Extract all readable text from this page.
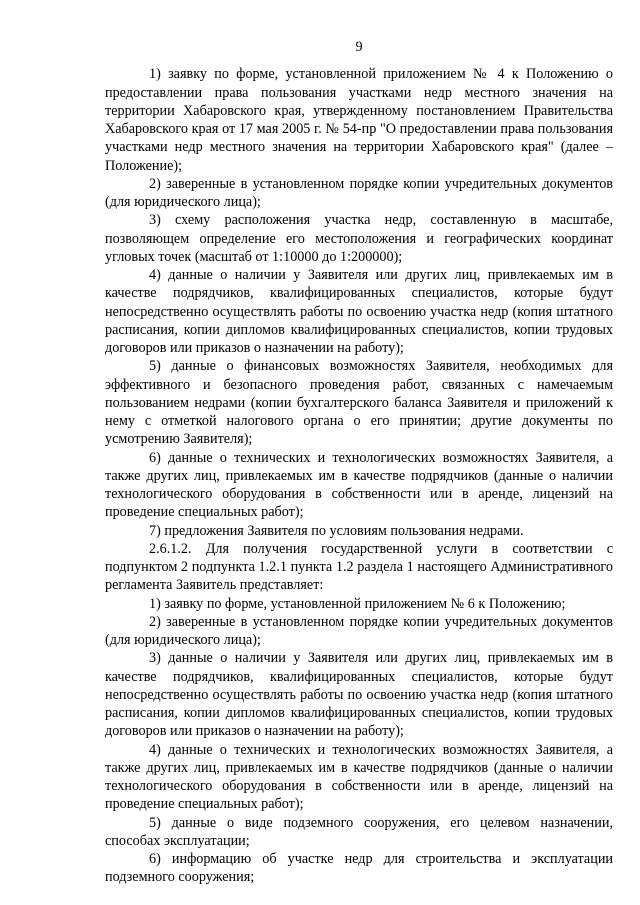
9

1) заявку по форме, установленной приложением № 4 к Положению о предоставлении права пользования участками недр местного значения на территории Хабаровского края, утвержденному постановлением Правительства Хабаровского края от 17 мая 2005 г. № 54-пр "О предоставлении права пользования участками недр местного значения на территории Хабаровского края" (далее – Положение);

2) заверенные в установленном порядке копии учредительных документов (для юридического лица);

3) схему расположения участка недр, составленную в масштабе, позволяющем определение его местоположения и географических координат угловых точек (масштаб от 1:10000 до 1:200000);

4) данные о наличии у Заявителя или других лиц, привлекаемых им в качестве подрядчиков, квалифицированных специалистов, которые будут непосредственно осуществлять работы по освоению участка недр (копия штатного расписания, копии дипломов квалифицированных специалистов, копии трудовых договоров или приказов о назначении на работу);

5) данные о финансовых возможностях Заявителя, необходимых для эффективного и безопасного проведения работ, связанных с намечаемым пользованием недрами (копии бухгалтерского баланса Заявителя и приложений к нему с отметкой налогового органа о его принятии; другие документы по усмотрению Заявителя);

6) данные о технических и технологических возможностях Заявителя, а также других лиц, привлекаемых им в качестве подрядчиков (данные о наличии технологического оборудования в собственности или в аренде, лицензий на проведение специальных работ);

7) предложения Заявителя по условиям пользования недрами.

2.6.1.2. Для получения государственной услуги в соответствии с подпунктом 2 подпункта 1.2.1 пункта 1.2 раздела 1 настоящего Административного регламента Заявитель представляет:

1) заявку по форме, установленной приложением № 6 к Положению;

2) заверенные в установленном порядке копии учредительных документов (для юридического лица);

3) данные о наличии у Заявителя или других лиц, привлекаемых им в качестве подрядчиков, квалифицированных специалистов, которые будут непосредственно осуществлять работы по освоению участка недр (копия штатного расписания, копии дипломов квалифицированных специалистов, копии трудовых договоров или приказов о назначении на работу);

4) данные о технических и технологических возможностях Заявителя, а также других лиц, привлекаемых им в качестве подрядчиков (данные о наличии технологического оборудования в собственности или в аренде, лицензий на проведение специальных работ);

5) данные о виде подземного сооружения, его целевом назначении, способах эксплуатации;

6) информацию об участке недр для строительства и эксплуатации подземного сооружения;
